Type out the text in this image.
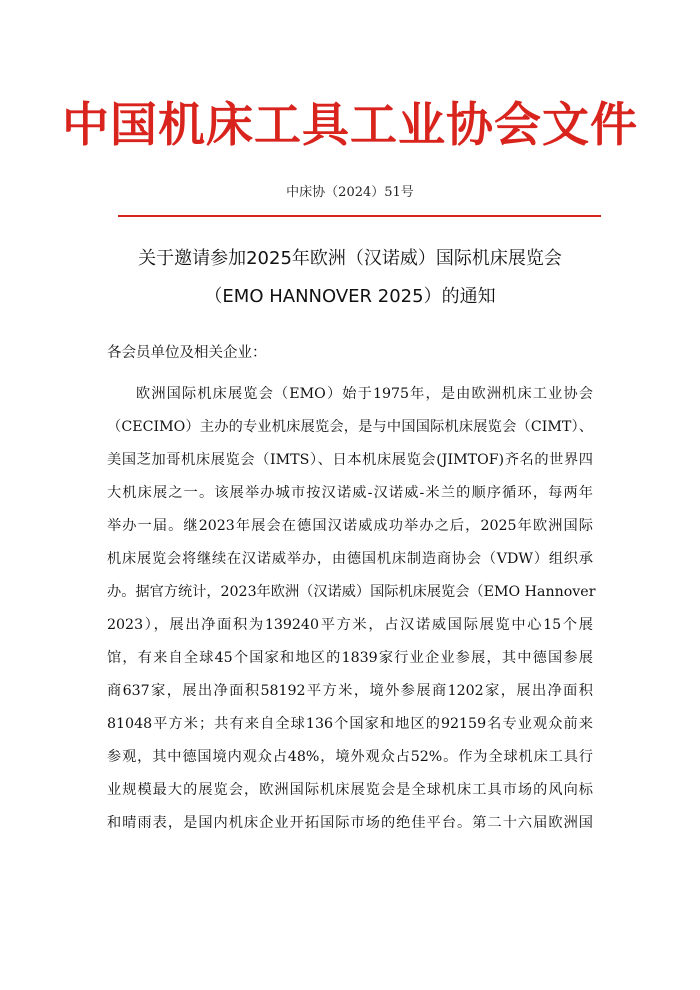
中国机床工具工业协会文件
中床协（2024）51号
关于邀请参加2025年欧洲（汉诺威）国际机床展览会
（EMO HANNOVER 2025）的通知
各会员单位及相关企业：
欧洲国际机床展览会（EMO）始于1975年，是由欧洲机床工业协会
（CECIMO）主办的专业机床展览会，是与中国国际机床展览会（CIMT）、
美国芝加哥机床展览会（IMTS）、日本机床展览会(JIMTOF)齐名的世界四
大机床展之一。该展举办城市按汉诺威-汉诺威-米兰的顺序循环，每两年
举办一届。继2023年展会在德国汉诺威成功举办之后，2025年欧洲国际
机床展览会将继续在汉诺威举办，由德国机床制造商协会（VDW）组织承
办。据官方统计，2023年欧洲（汉诺威）国际机床展览会（EMO Hannover
2023），展出净面积为139240平方米，占汉诺威国际展览中心15个展
馆，有来自全球45个国家和地区的1839家行业企业参展，其中德国参展
商637家，展出净面积58192平方米，境外参展商1202家，展出净面积
81048平方米；共有来自全球136个国家和地区的92159名专业观众前来
参观，其中德国境内观众占48%，境外观众占52%。作为全球机床工具行
业规模最大的展览会，欧洲国际机床展览会是全球机床工具市场的风向标
和晴雨表，是国内机床企业开拓国际市场的绝佳平台。第二十六届欧洲国
